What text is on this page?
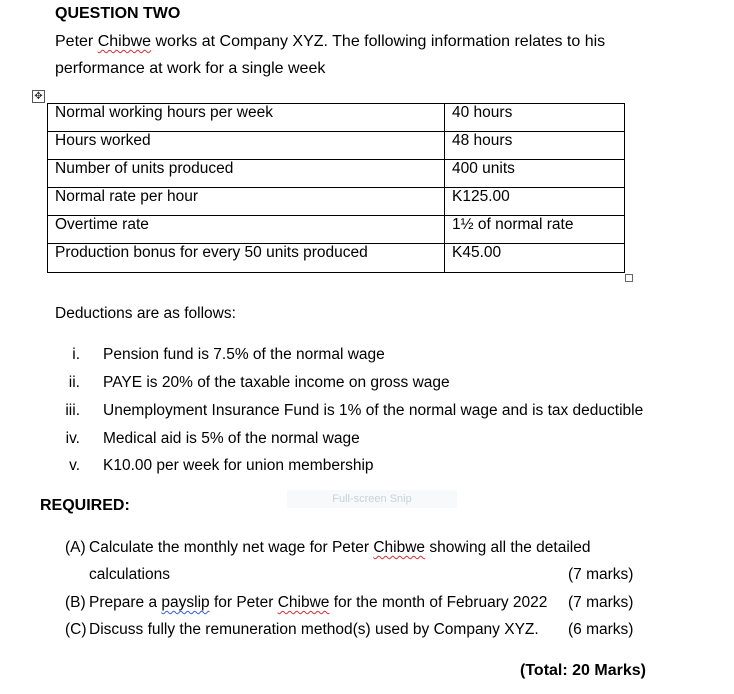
QUESTION TWO
Peter Chibwe works at Company XYZ. The following information relates to his
performance at work for a single week
✥
Normal working hours per week	40 hours
Hours worked	48 hours
Number of units produced	400 units
Normal rate per hour	K125.00
Overtime rate	1½ of normal rate
Production bonus for every 50 units produced	K45.00
Deductions are as follows:
i. Pension fund is 7.5% of the normal wage
ii. PAYE is 20% of the taxable income on gross wage
iii. Unemployment Insurance Fund is 1% of the normal wage and is tax deductible
iv. Medical aid is 5% of the normal wage
v. K10.00 per week for union membership
Full-screen Snip
REQUIRED:
(A) Calculate the monthly net wage for Peter Chibwe showing all the detailed
calculations	(7 marks)
(B) Prepare a payslip for Peter Chibwe for the month of February 2022 (7 marks)
(C) Discuss fully the remuneration method(s) used by Company XYZ. (6 marks)
(Total: 20 Marks)
